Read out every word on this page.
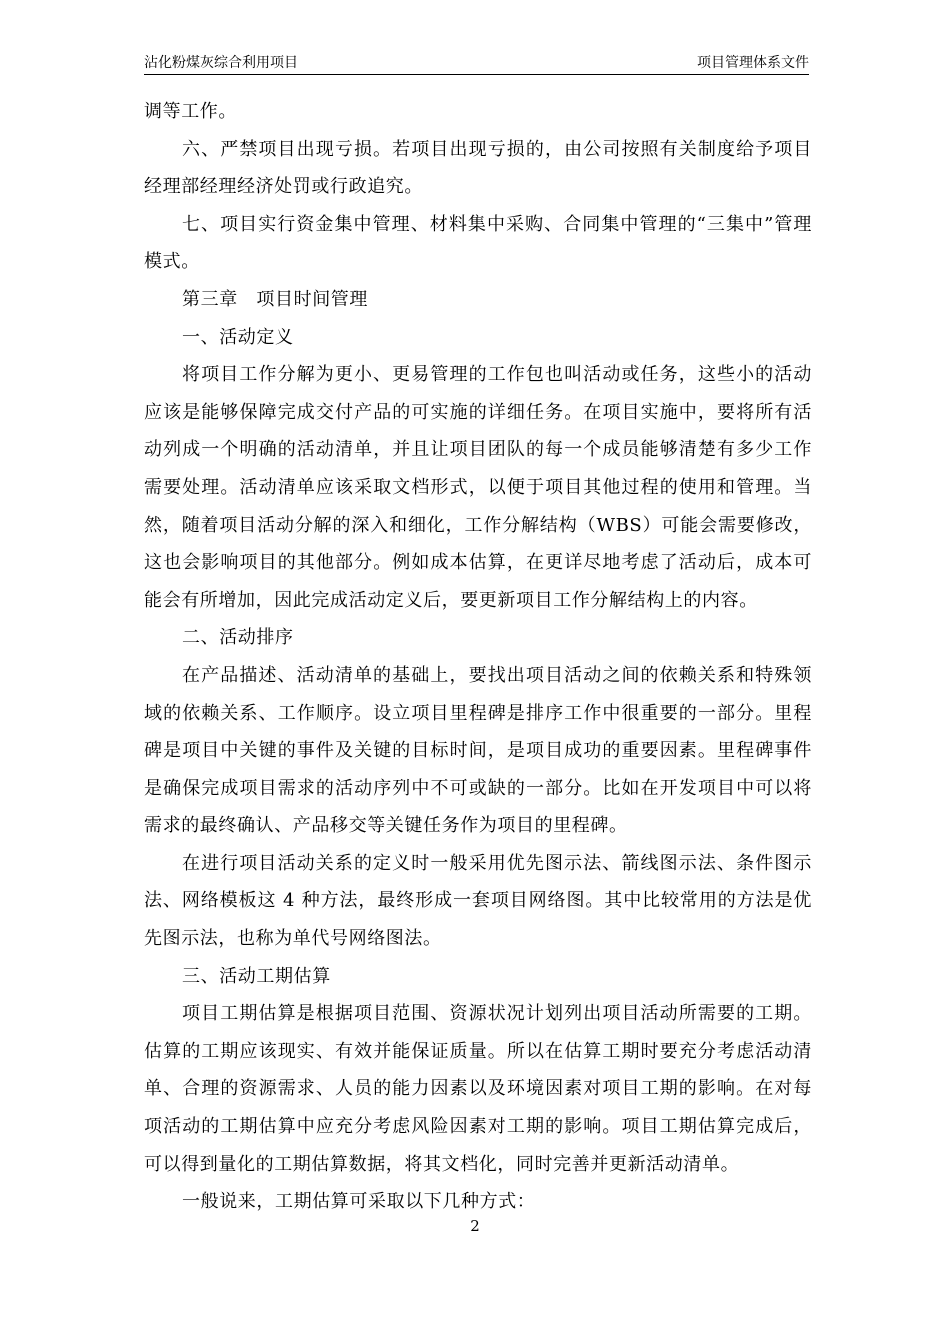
沾化粉煤灰综合利用项目	项目管理体系文件

调等工作。

六、严禁项目出现亏损。若项目出现亏损的，由公司按照有关制度给予项目经理部经理经济处罚或行政追究。

七、项目实行资金集中管理、材料集中采购、合同集中管理的“三集中”管理模式。

第三章　项目时间管理

一、活动定义

将项目工作分解为更小、更易管理的工作包也叫活动或任务，这些小的活动应该是能够保障完成交付产品的可实施的详细任务。在项目实施中，要将所有活动列成一个明确的活动清单，并且让项目团队的每一个成员能够清楚有多少工作需要处理。活动清单应该采取文档形式，以便于项目其他过程的使用和管理。当然，随着项目活动分解的深入和细化，工作分解结构（WBS）可能会需要修改，这也会影响项目的其他部分。例如成本估算，在更详尽地考虑了活动后，成本可能会有所增加，因此完成活动定义后，要更新项目工作分解结构上的内容。

二、活动排序

在产品描述、活动清单的基础上，要找出项目活动之间的依赖关系和特殊领域的依赖关系、工作顺序。设立项目里程碑是排序工作中很重要的一部分。里程碑是项目中关键的事件及关键的目标时间，是项目成功的重要因素。里程碑事件是确保完成项目需求的活动序列中不可或缺的一部分。比如在开发项目中可以将需求的最终确认、产品移交等关键任务作为项目的里程碑。

在进行项目活动关系的定义时一般采用优先图示法、箭线图示法、条件图示法、网络模板这 4 种方法，最终形成一套项目网络图。其中比较常用的方法是优先图示法，也称为单代号网络图法。

三、活动工期估算

项目工期估算是根据项目范围、资源状况计划列出项目活动所需要的工期。估算的工期应该现实、有效并能保证质量。所以在估算工期时要充分考虑活动清单、合理的资源需求、人员的能力因素以及环境因素对项目工期的影响。在对每项活动的工期估算中应充分考虑风险因素对工期的影响。项目工期估算完成后，可以得到量化的工期估算数据，将其文档化，同时完善并更新活动清单。

一般说来，工期估算可采取以下几种方式：

2
